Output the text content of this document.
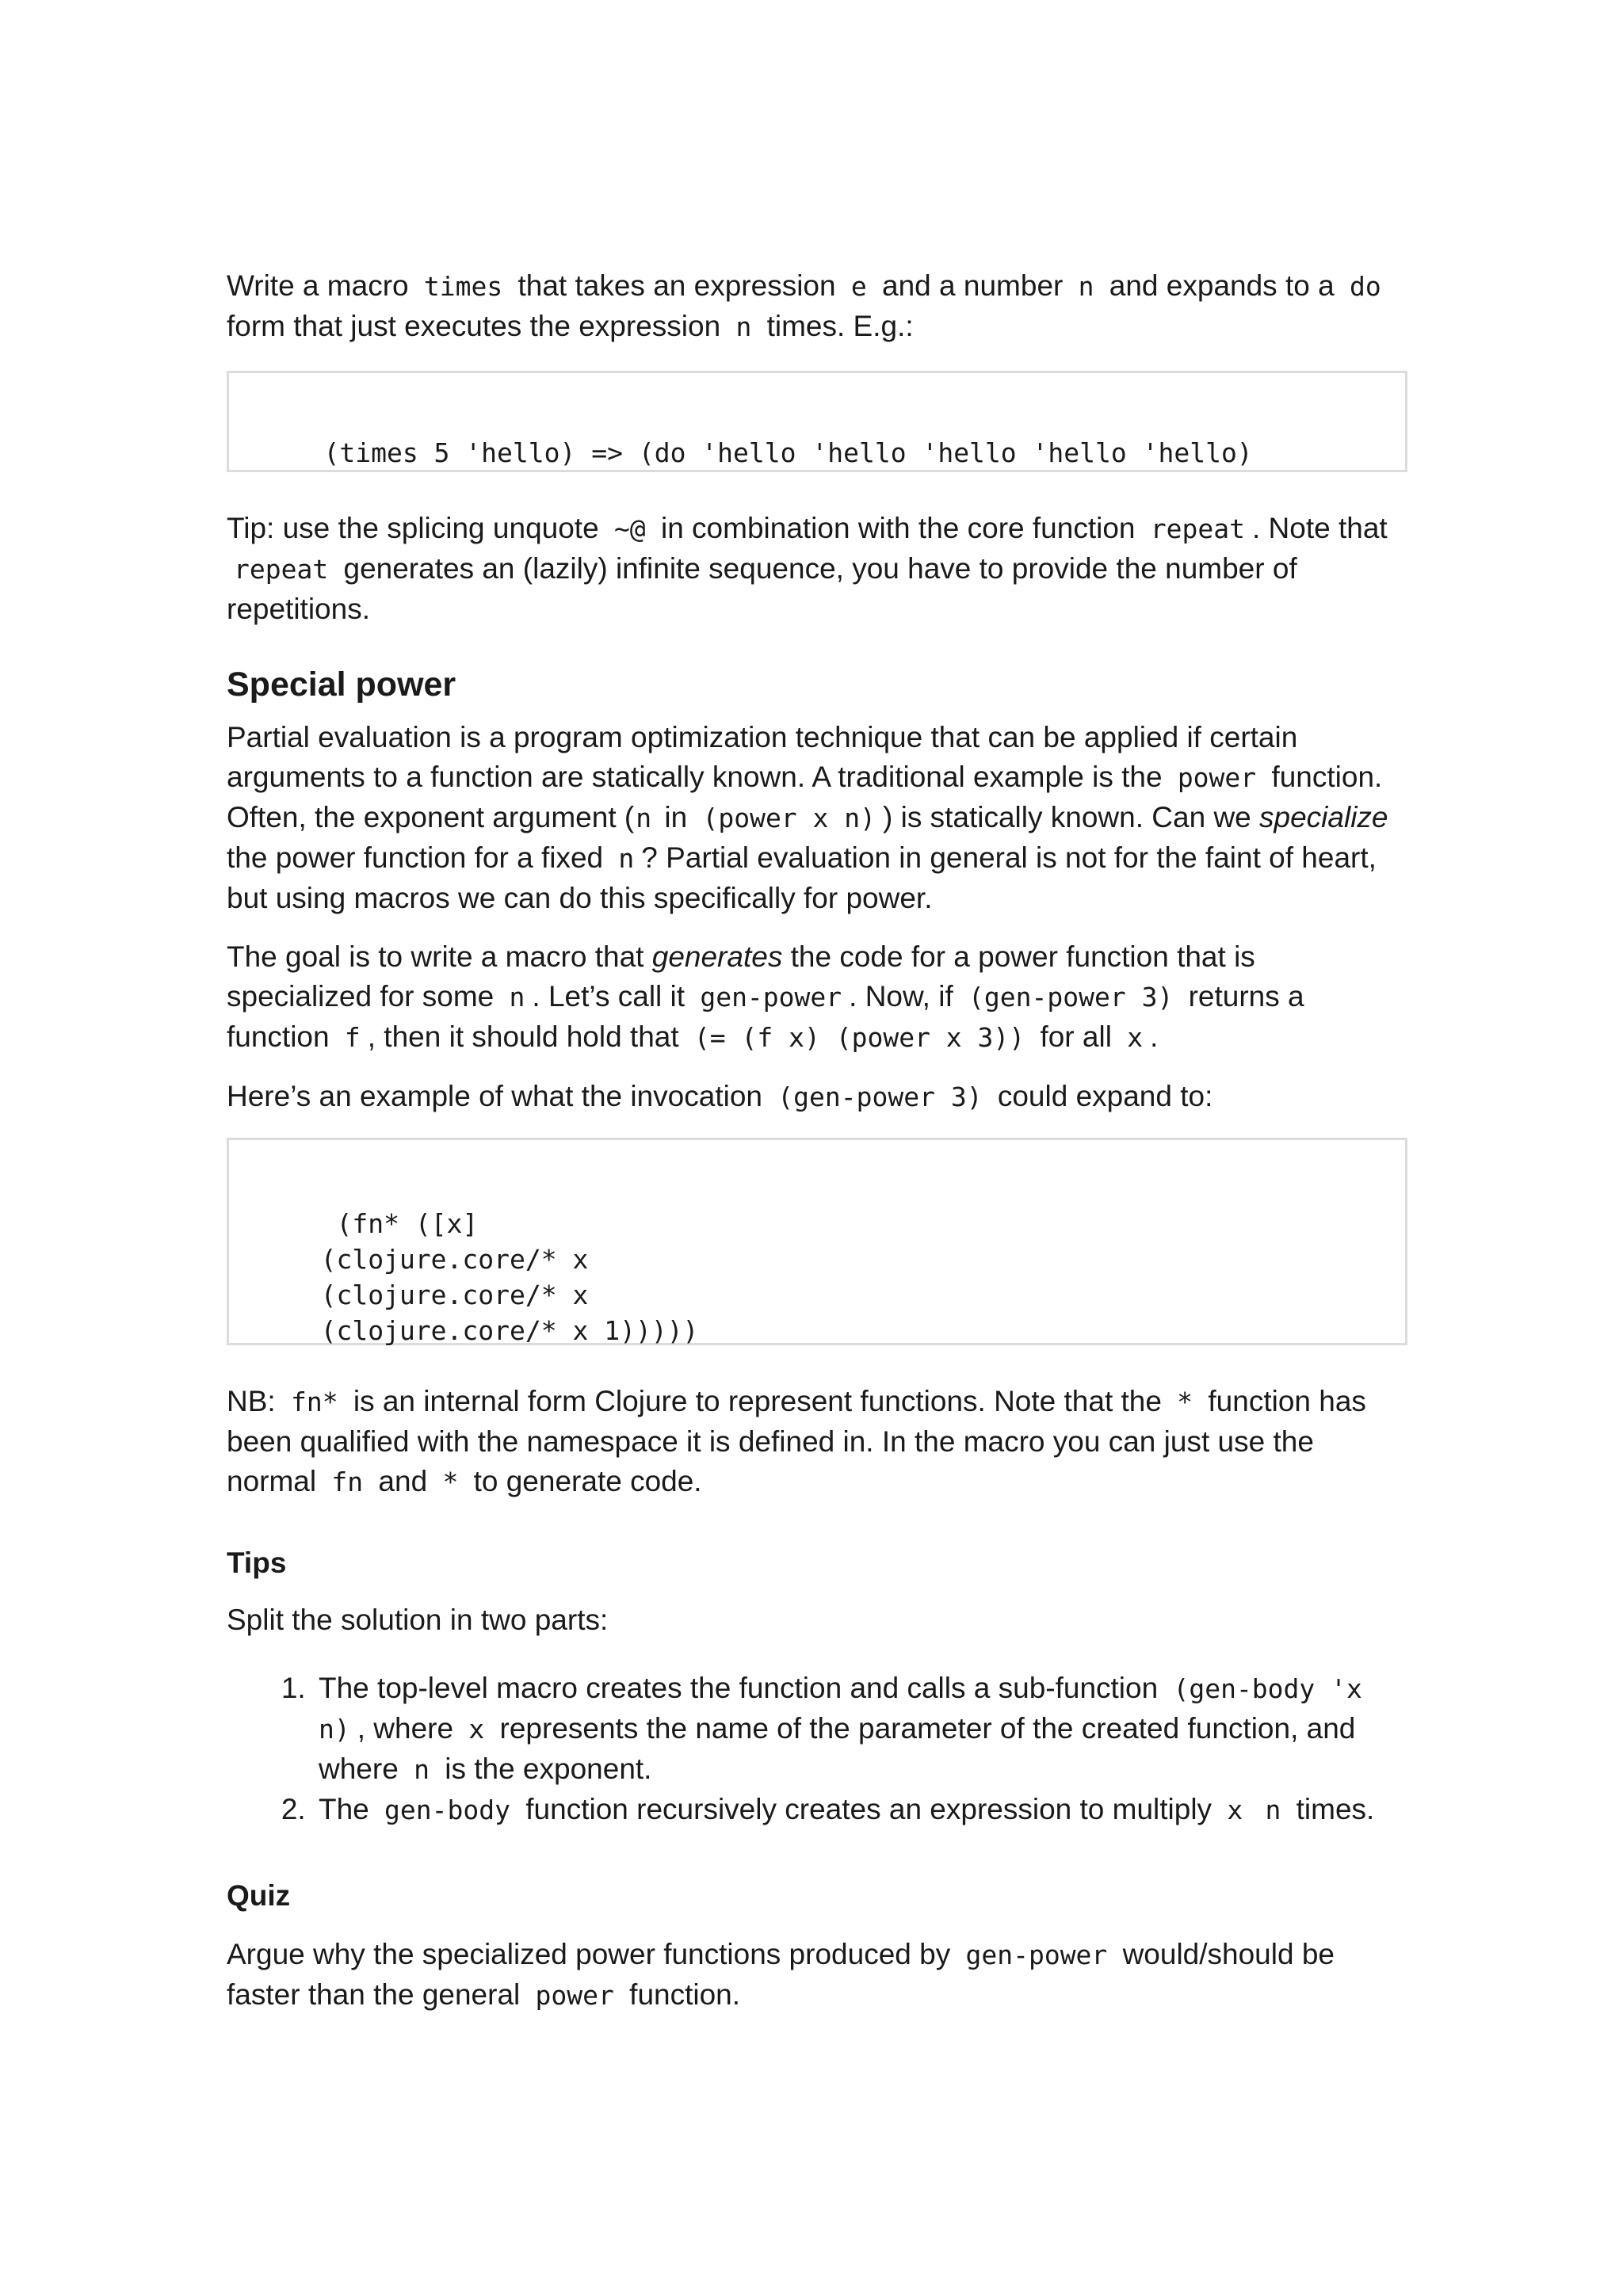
Write a macro times that takes an expression e and a number n and expands to a do
form that just executes the expression n times. E.g.:

(times 5 'hello) => (do 'hello 'hello 'hello 'hello 'hello)

Tip: use the splicing unquote ~@ in combination with the core function repeat . Note that
repeat generates an (lazily) infinite sequence, you have to provide the number of repetitions.

Special power

Partial evaluation is a program optimization technique that can be applied if certain arguments to a function are statically known. A traditional example is the power function. Often, the exponent argument (n in (power x n) ) is statically known. Can we specialize the power function for a fixed n ? Partial evaluation in general is not for the faint of heart, but using macros we can do this specifically for power.

The goal is to write a macro that generates the code for a power function that is specialized for some n . Let’s call it gen-power . Now, if (gen-power 3) returns a function f , then it should hold that (= (f x) (power x 3)) for all x .

Here’s an example of what the invocation (gen-power 3) could expand to:

(fn* ([x]
(clojure.core/* x
(clojure.core/* x
(clojure.core/* x 1)))))

NB: fn* is an internal form Clojure to represent functions. Note that the * function has been qualified with the namespace it is defined in. In the macro you can just use the normal fn and * to generate code.

Tips

Split the solution in two parts:

1. The top-level macro creates the function and calls a sub-function (gen-body 'x n) , where x represents the name of the parameter of the created function, and where n is the exponent.
2. The gen-body function recursively creates an expression to multiply x n times.
Quiz

Argue why the specialized power functions produced by gen-power would/should be faster than the general power function.
